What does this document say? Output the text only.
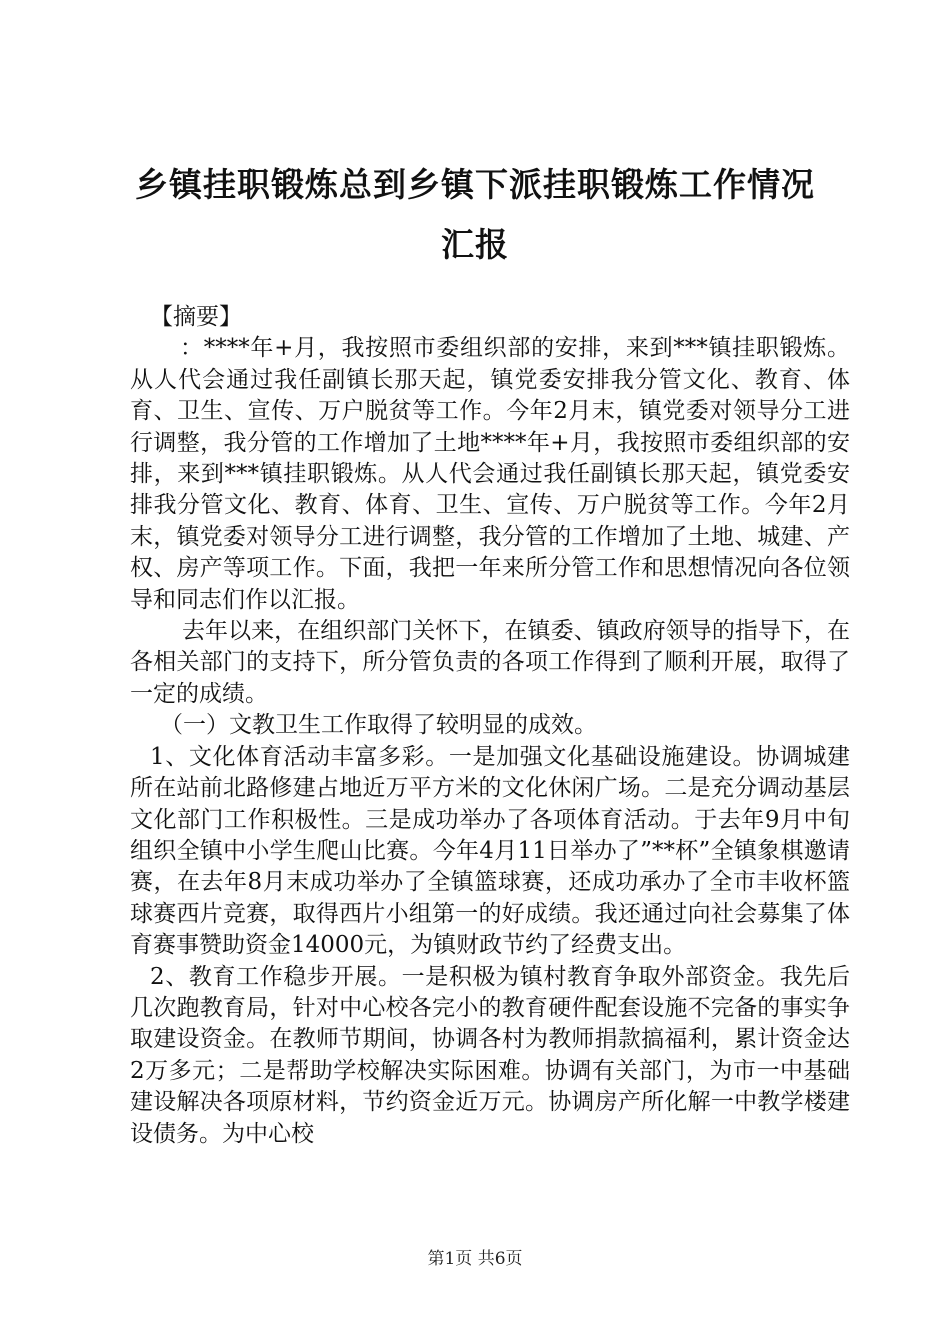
乡镇挂职锻炼总到乡镇下派挂职锻炼工作情况
汇报

【摘要】

：****年+月，我按照市委组织部的安排，来到***镇挂职锻炼。从人代会通过我任副镇长那天起，镇党委安排我分管文化、教育、体育、卫生、宣传、万户脱贫等工作。今年2月末，镇党委对领导分工进行调整，我分管的工作增加了土地****年+月，我按照市委组织部的安排，来到***镇挂职锻炼。从人代会通过我任副镇长那天起，镇党委安排我分管文化、教育、体育、卫生、宣传、万户脱贫等工作。今年2月末，镇党委对领导分工进行调整，我分管的工作增加了土地、城建、产权、房产等项工作。下面，我把一年来所分管工作和思想情况向各位领导和同志们作以汇报。

去年以来，在组织部门关怀下，在镇委、镇政府领导的指导下，在各相关部门的支持下，所分管负责的各项工作得到了顺利开展，取得了一定的成绩。

（一）文教卫生工作取得了较明显的成效。

1、文化体育活动丰富多彩。一是加强文化基础设施建设。协调城建所在站前北路修建占地近万平方米的文化休闲广场。二是充分调动基层文化部门工作积极性。三是成功举办了各项体育活动。于去年9月中旬组织全镇中小学生爬山比赛。今年4月11日举办了”**杯”全镇象棋邀请赛，在去年8月末成功举办了全镇篮球赛，还成功承办了全市丰收杯篮球赛西片竞赛，取得西片小组第一的好成绩。我还通过向社会募集了体育赛事赞助资金14000元，为镇财政节约了经费支出。

2、教育工作稳步开展。一是积极为镇村教育争取外部资金。我先后几次跑教育局，针对中心校各完小的教育硬件配套设施不完备的事实争取建设资金。在教师节期间，协调各村为教师捐款搞福利，累计资金达2万多元；二是帮助学校解决实际困难。协调有关部门，为市一中基础建设解决各项原材料，节约资金近万元。协调房产所化解一中教学楼建设债务。为中心校

第1页 共6页
